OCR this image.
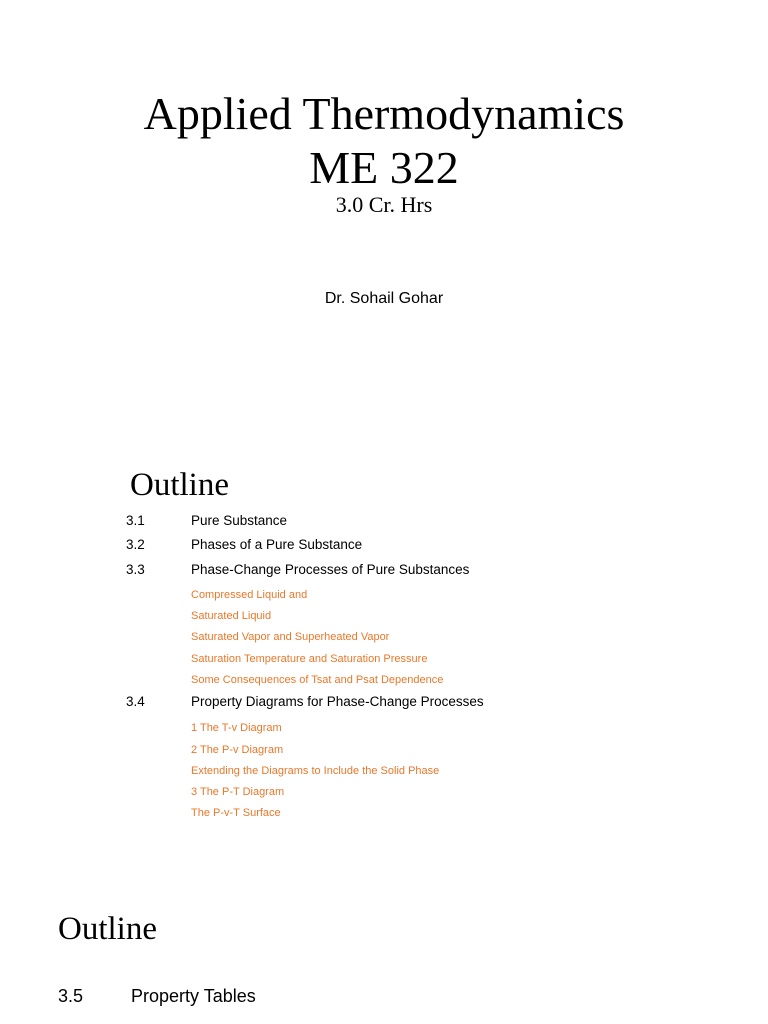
Applied Thermodynamics
ME 322
3.0 Cr. Hrs
Dr. Sohail Gohar
Outline
3.1	Pure Substance
3.2	Phases of a Pure Substance
3.3	Phase-Change Processes of Pure Substances
Compressed Liquid and
Saturated Liquid
Saturated Vapor and Superheated Vapor
Saturation Temperature and Saturation Pressure
Some Consequences of Tsat and Psat Dependence
3.4	Property Diagrams for Phase-Change Processes
1 The T-v Diagram
2 The P-v Diagram
Extending the Diagrams to Include the Solid Phase
3 The P-T Diagram
The P-v-T Surface
Outline
3.5	Property Tables
